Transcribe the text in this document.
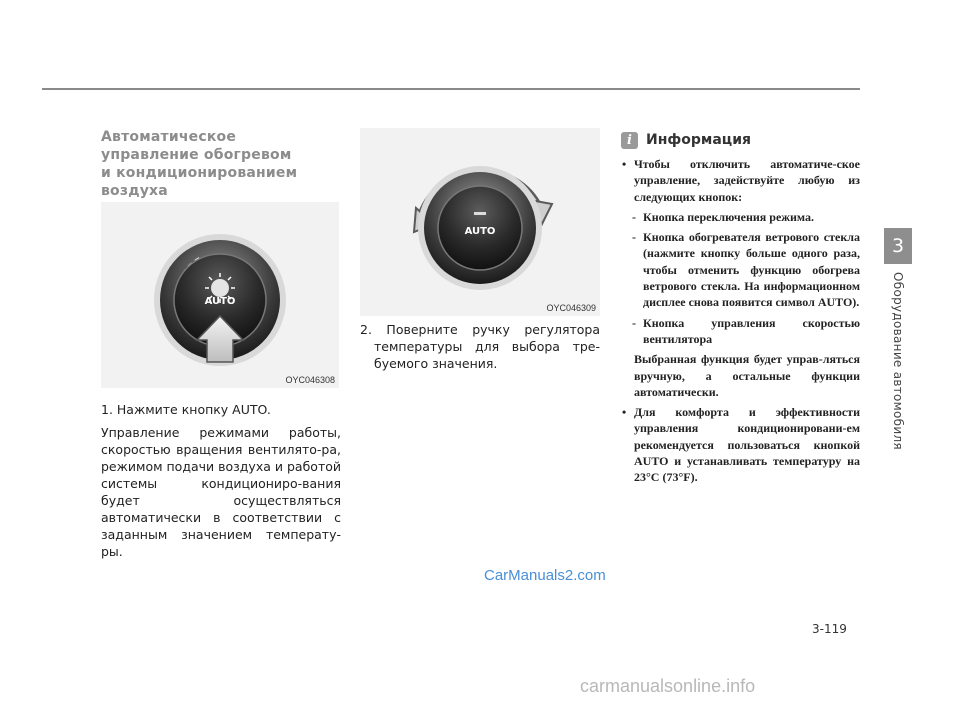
Автоматическое
управление обогревом
и кондиционированием
воздуха
AUTO
OYC046308
1. Нажмите кнопку AUTO.
Управление режимами работы, скоростью вращения вентилято-ра, режимом подачи воздуха и работой системы кондициониро-вания будет осуществляться автоматически в соответствии с заданным значением температу-ры.
AUTO
OYC046309
2. Поверните ручку регулятора температуры для выбора тре-буемого значения.
i	Информация

• Чтобы отключить автоматиче-ское управление, задействуйте любую из следующих кнопок:

- Кнопка переключения режима.

- Кнопка обогревателя ветрового стекла (нажмите кнопку больше одного раза, чтобы отменить функцию обогрева ветрового стекла. На информационном дисплее снова появится символ AUTO).

- Кнопка управления скоростью вентилятора

Выбранная функция будет управ-ляться вручную, а остальные функции автоматически.

• Для комфорта и эффективности управления кондиционировани-ем рекомендуется пользоваться кнопкой AUTO и устанавливать температуру на 23°C (73°F).

3
Оборудование автомобиля
3-119
CarManuals2.com
carmanualsonline.info
